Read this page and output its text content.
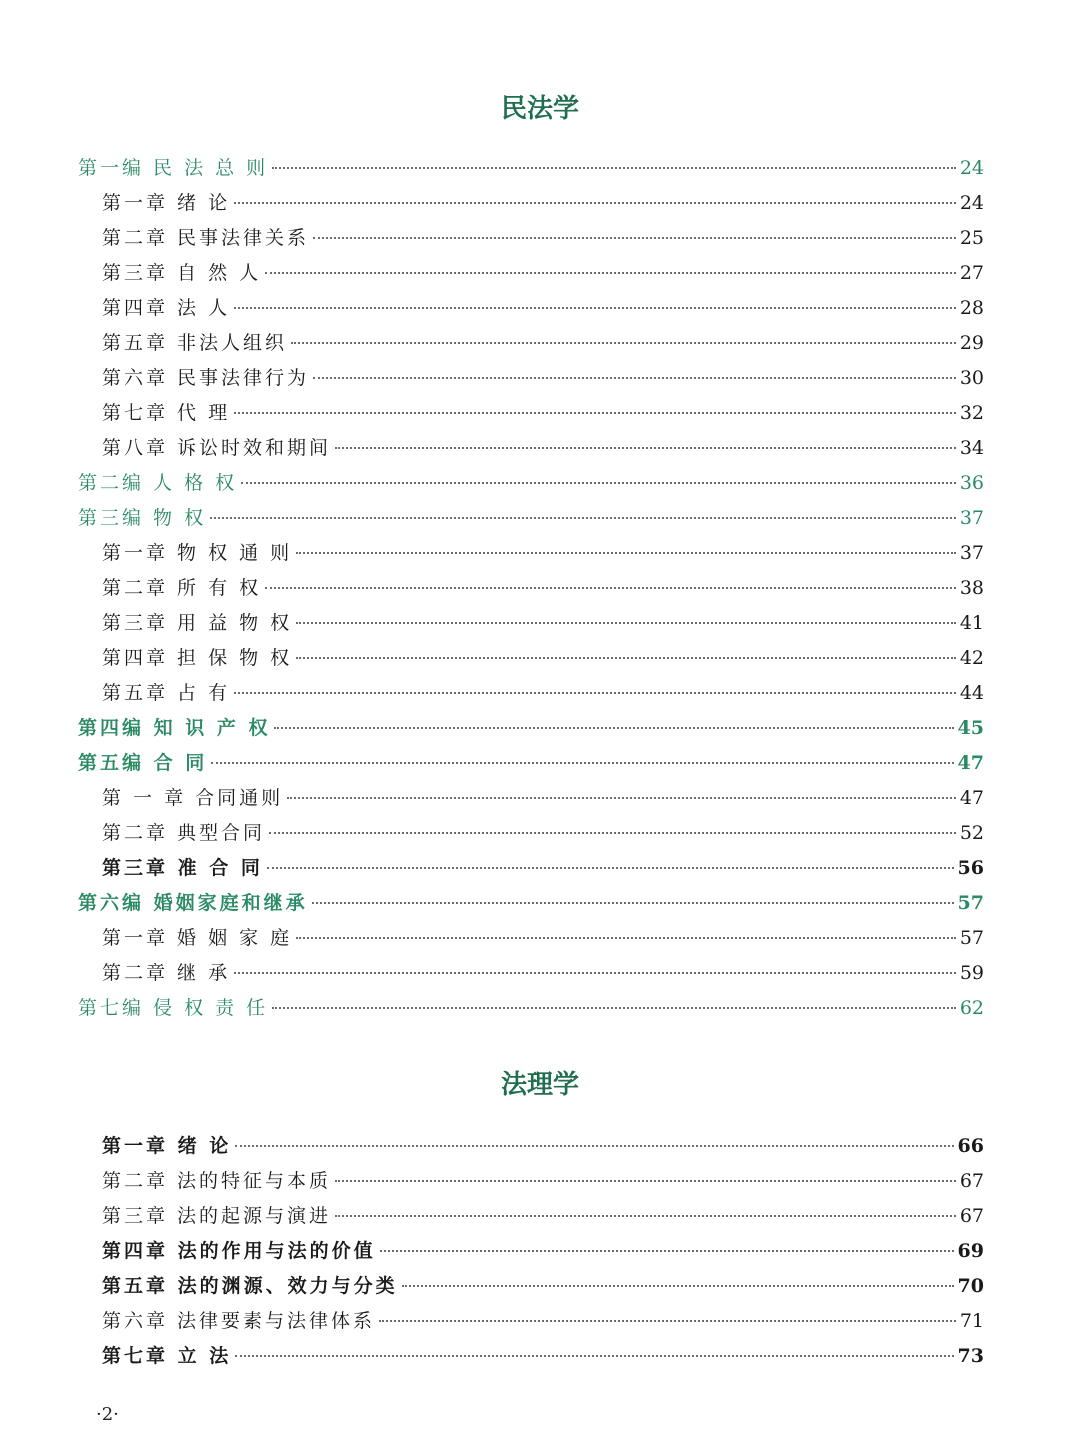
民法学
第一编 民 法 总 则	24
第一章 绪 论	24
第二章 民事法律关系	25
第三章 自 然 人	27
第四章 法 人	28
第五章 非法人组织	29
第六章 民事法律行为	30
第七章 代 理	32
第八章 诉讼时效和期间	34
第二编 人 格 权	36
第三编 物 权	37
第一章 物 权 通 则	37
第二章 所 有 权	38
第三章 用 益 物 权	41
第四章 担 保 物 权	42
第五章 占 有	44
第四编 知 识 产 权	45
第五编 合 同	47
第 一 章 合同通则	47
第二章 典型合同	52
第三章 准 合 同	56
第六编 婚姻家庭和继承	57
第一章 婚 姻 家 庭	57
第二章 继 承	59
第七编 侵 权 责 任	62
法理学
第一章 绪 论	66
第二章 法的特征与本质	67
第三章 法的起源与演进	67
第四章 法的作用与法的价值	69
第五章 法的渊源、效力与分类	70
第六章 法律要素与法律体系	71
第七章 立 法	73
·2·
